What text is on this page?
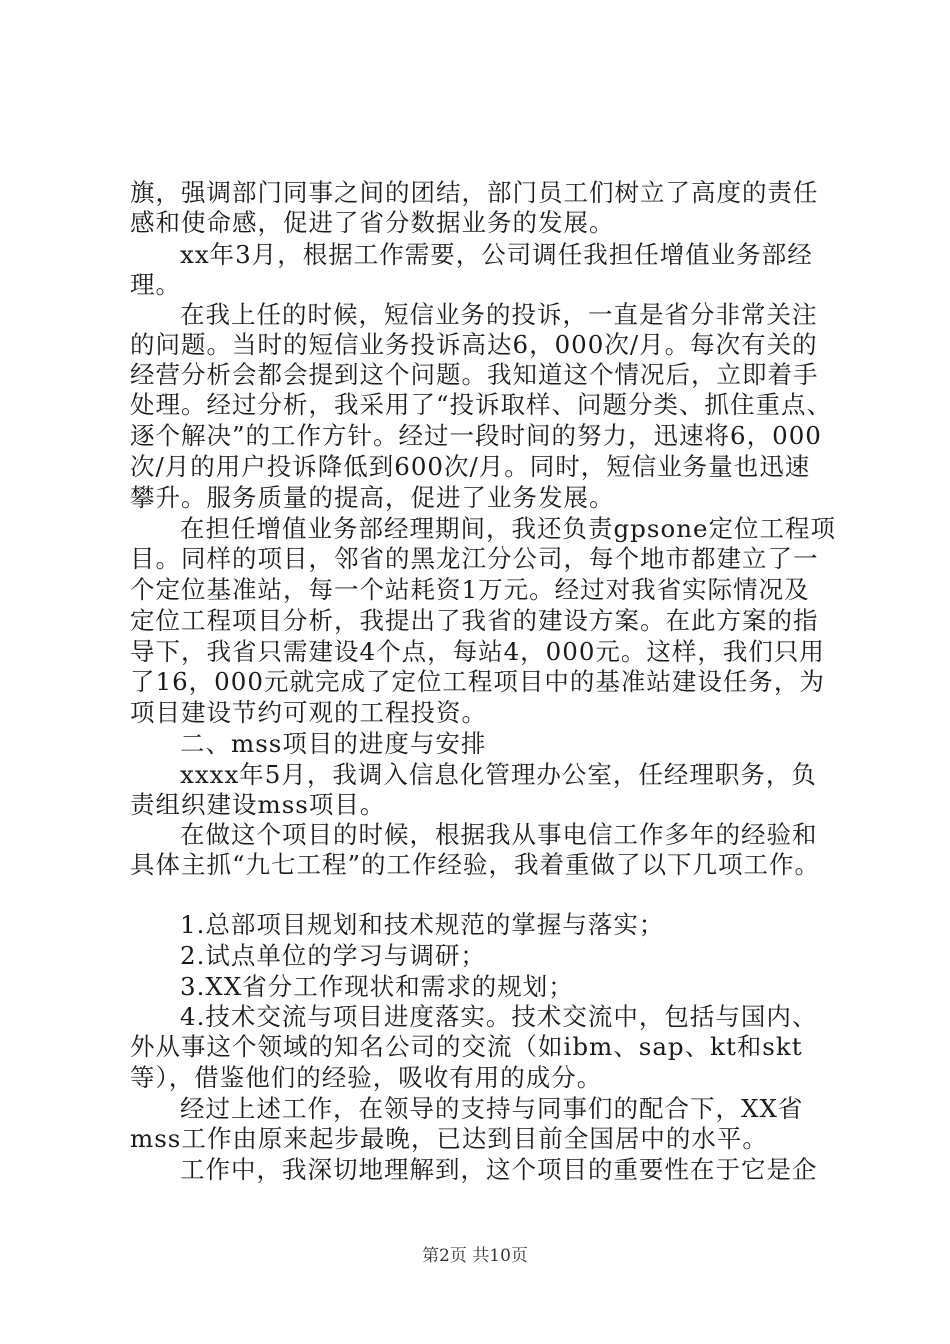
旗，强调部门同事之间的团结，部门员工们树立了高度的责任
感和使命感，促进了省分数据业务的发展。
xx年3月，根据工作需要，公司调任我担任增值业务部经
理。
在我上任的时候，短信业务的投诉，一直是省分非常关注
的问题。当时的短信业务投诉高达6，000次/月。每次有关的
经营分析会都会提到这个问题。我知道这个情况后，立即着手
处理。经过分析，我采用了“投诉取样、问题分类、抓住重点、
逐个解决”的工作方针。经过一段时间的努力，迅速将6，000
次/月的用户投诉降低到600次/月。同时，短信业务量也迅速
攀升。服务质量的提高，促进了业务发展。
在担任增值业务部经理期间，我还负责gpsone定位工程项
目。同样的项目，邻省的黑龙江分公司，每个地市都建立了一
个定位基准站，每一个站耗资1万元。经过对我省实际情况及
定位工程项目分析，我提出了我省的建设方案。在此方案的指
导下，我省只需建设4个点，每站4，000元。这样，我们只用
了16，000元就完成了定位工程项目中的基准站建设任务，为
项目建设节约可观的工程投资。
二、mss项目的进度与安排
xxxx年5月，我调入信息化管理办公室，任经理职务，负
责组织建设mss项目。
在做这个项目的时候，根据我从事电信工作多年的经验和
具体主抓“九七工程”的工作经验，我着重做了以下几项工作。
1.总部项目规划和技术规范的掌握与落实；
2.试点单位的学习与调研；
3.XX省分工作现状和需求的规划；
4.技术交流与项目进度落实。技术交流中，包括与国内、
外从事这个领域的知名公司的交流（如ibm、sap、kt和skt
等），借鉴他们的经验，吸收有用的成分。
经过上述工作，在领导的支持与同事们的配合下，XX省
mss工作由原来起步最晚，已达到目前全国居中的水平。
工作中，我深切地理解到，这个项目的重要性在于它是企
第2页 共10页
